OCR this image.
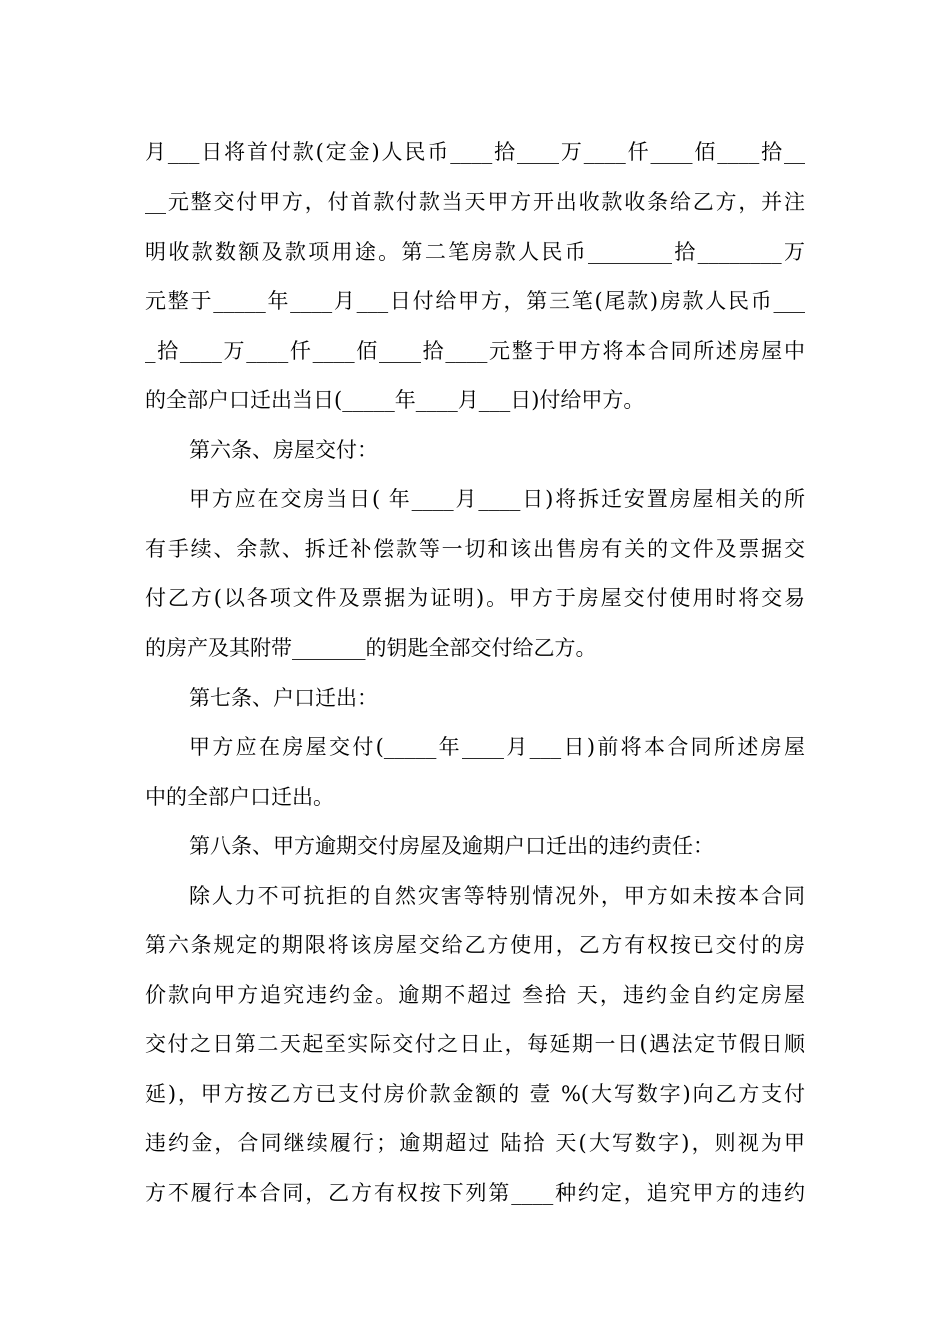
月___日将首付款(定金)人民币____拾____万____仟____佰____拾__

__元整交付甲方，付首款付款当天甲方开出收款收条给乙方，并注

明收款数额及款项用途。第二笔房款人民币________拾________万

元整于_____年____月___日付给甲方，第三笔(尾款)房款人民币___

_拾____万____仟____佰____拾____元整于甲方将本合同所述房屋中

的全部户口迁出当日(_____年____月___日)付给甲方。

第六条、房屋交付：

甲方应在交房当日( 年____月____日)将拆迁安置房屋相关的所

有手续、余款、拆迁补偿款等一切和该出售房有关的文件及票据交

付乙方(以各项文件及票据为证明)。甲方于房屋交付使用时将交易

的房产及其附带_______的钥匙全部交付给乙方。

第七条、户口迁出：

甲方应在房屋交付(_____年____月___日)前将本合同所述房屋

中的全部户口迁出。

第八条、甲方逾期交付房屋及逾期户口迁出的违约责任：

除人力不可抗拒的自然灾害等特别情况外，甲方如未按本合同

第六条规定的期限将该房屋交给乙方使用，乙方有权按已交付的房

价款向甲方追究违约金。逾期不超过 叁拾 天，违约金自约定房屋

交付之日第二天起至实际交付之日止，每延期一日(遇法定节假日顺

延)，甲方按乙方已支付房价款金额的 壹 %(大写数字)向乙方支付

违约金，合同继续履行；逾期超过 陆拾 天(大写数字)，则视为甲

方不履行本合同，乙方有权按下列第____种约定，追究甲方的违约
